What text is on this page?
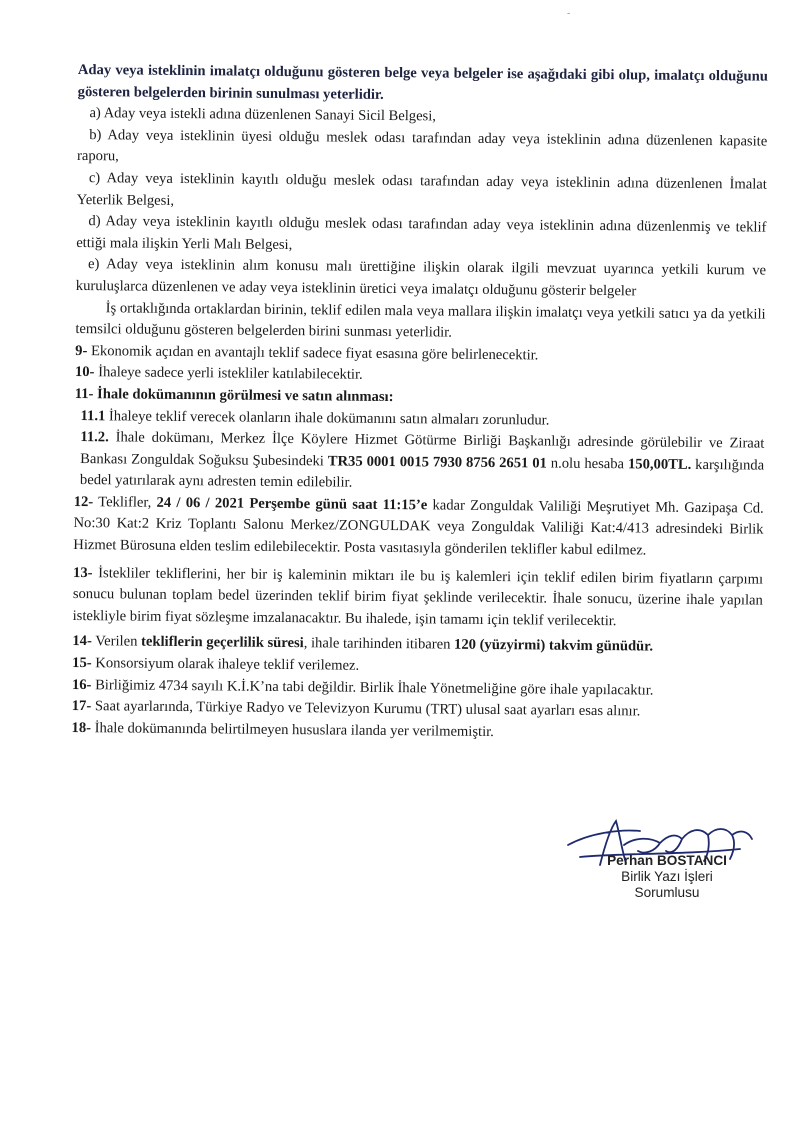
-

Aday veya isteklinin imalatçı olduğunu gösteren belge veya belgeler ise aşağıdaki gibi olup, imalatçı olduğunu gösteren belgelerden birinin sunulması yeterlidir.

a) Aday veya istekli adına düzenlenen Sanayi Sicil Belgesi,

b) Aday veya isteklinin üyesi olduğu meslek odası tarafından aday veya isteklinin adına düzenlenen kapasite raporu,

c) Aday veya isteklinin kayıtlı olduğu meslek odası tarafından aday veya isteklinin adına düzenlenen İmalat Yeterlik Belgesi,

d) Aday veya isteklinin kayıtlı olduğu meslek odası tarafından aday veya isteklinin adına düzenlenmiş ve teklif ettiği mala ilişkin Yerli Malı Belgesi,

e) Aday veya isteklinin alım konusu malı ürettiğine ilişkin olarak ilgili mevzuat uyarınca yetkili kurum ve kuruluşlarca düzenlenen ve aday veya isteklinin üretici veya imalatçı olduğunu gösterir belgeler

İş ortaklığında ortaklardan birinin, teklif edilen mala veya mallara ilişkin imalatçı veya yetkili satıcı ya da yetkili temsilci olduğunu gösteren belgelerden birini sunması yeterlidir.

9- Ekonomik açıdan en avantajlı teklif sadece fiyat esasına göre belirlenecektir.

10- İhaleye sadece yerli istekliler katılabilecektir.

11- İhale dokümanının görülmesi ve satın alınması:

11.1 İhaleye teklif verecek olanların ihale dokümanını satın almaları zorunludur.

11.2. İhale dokümanı, Merkez İlçe Köylere Hizmet Götürme Birliği Başkanlığı adresinde görülebilir ve Ziraat Bankası Zonguldak Soğuksu Şubesindeki TR35 0001 0015 7930 8756 2651 01 n.olu hesaba 150,00TL. karşılığında bedel yatırılarak aynı adresten temin edilebilir.

12- Teklifler, 24 / 06 / 2021 Perşembe günü saat 11:15’e kadar Zonguldak Valiliği Meşrutiyet Mh. Gazipaşa Cd. No:30 Kat:2 Kriz Toplantı Salonu Merkez/ZONGULDAK veya Zonguldak Valiliği Kat:4/413 adresindeki Birlik Hizmet Bürosuna elden teslim edilebilecektir. Posta vasıtasıyla gönderilen teklifler kabul edilmez.

13- İstekliler tekliflerini, her bir iş kaleminin miktarı ile bu iş kalemleri için teklif edilen birim fiyatların çarpımı sonucu bulunan toplam bedel üzerinden teklif birim fiyat şeklinde verilecektir. İhale sonucu, üzerine ihale yapılan istekliyle birim fiyat sözleşme imzalanacaktır. Bu ihalede, işin tamamı için teklif verilecektir.

14- Verilen tekliflerin geçerlilik süresi, ihale tarihinden itibaren 120 (yüzyirmi) takvim günüdür.

15- Konsorsiyum olarak ihaleye teklif verilemez.

16- Birliğimiz 4734 sayılı K.İ.K’na tabi değildir. Birlik İhale Yönetmeliğine göre ihale yapılacaktır.

17- Saat ayarlarında, Türkiye Radyo ve Televizyon Kurumu (TRT) ulusal saat ayarları esas alınır.

18- İhale dokümanında belirtilmeyen hususlara ilanda yer verilmemiştir.

Perhan BOSTANCI
Birlik Yazı İşleri
Sorumlusu
